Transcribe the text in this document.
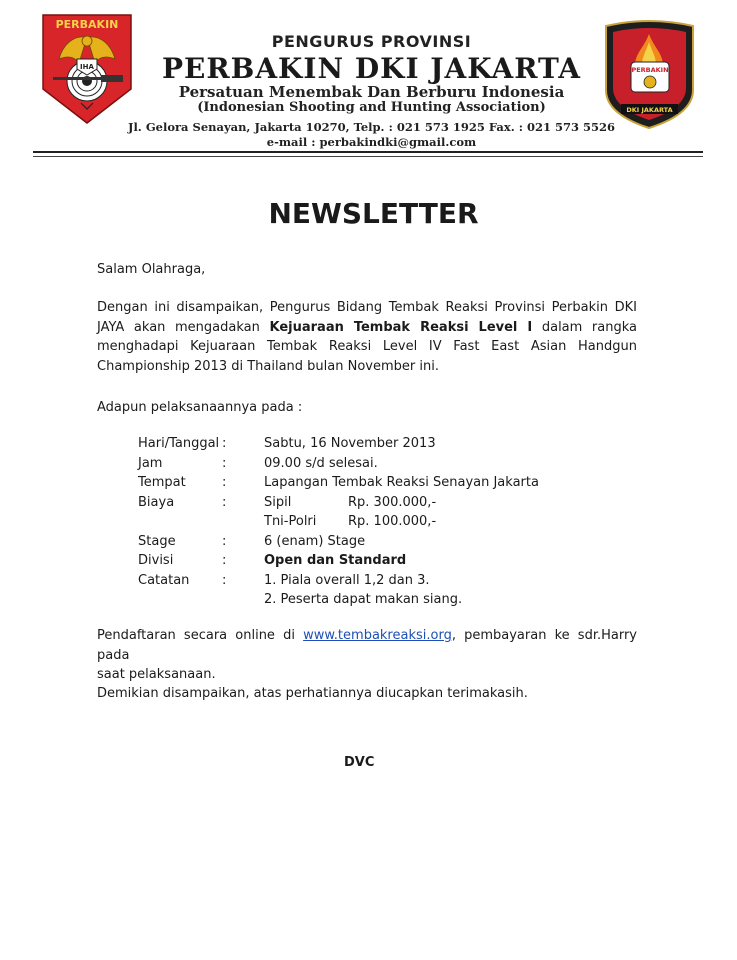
PERBAKIN
IHA	PERBAKIN
DKI JAKARTA
PENGURUS PROVINSI
PERBAKIN DKI JAKARTA
Persatuan Menembak Dan Berburu Indonesia
(Indonesian Shooting and Hunting Association)
Jl. Gelora Senayan, Jakarta 10270, Telp. : 021 573 1925 Fax. : 021 573 5526
e-mail : perbakindki@gmail.com
NEWSLETTER
Salam Olahraga,
Dengan ini disampaikan, Pengurus Bidang Tembak Reaksi Provinsi Perbakin DKI
JAYA akan mengadakan Kejuaraan Tembak Reaksi Level I dalam rangka
menghadapi Kejuaraan Tembak Reaksi Level IV Fast East Asian Handgun
Championship 2013 di Thailand bulan November ini.
Adapun pelaksanaannya pada :
Hari/Tanggal :	Sabtu, 16 November 2013
Jam	:	09.00 s/d selesai.
Tempat	:	Lapangan Tembak Reaksi Senayan Jakarta
Biaya	:	Sipil	Rp. 300.000,-
Tni-Polri Rp. 100.000,-
Stage	:	6 (enam) Stage
Divisi	:	Open dan Standard
Catatan	:	1. Piala overall 1,2 dan 3.
2. Peserta dapat makan siang.
Pendaftaran secara online di www.tembakreaksi.org, pembayaran ke sdr.Harry pada
saat pelaksanaan.
Demikian disampaikan, atas perhatiannya diucapkan terimakasih.
DVC
